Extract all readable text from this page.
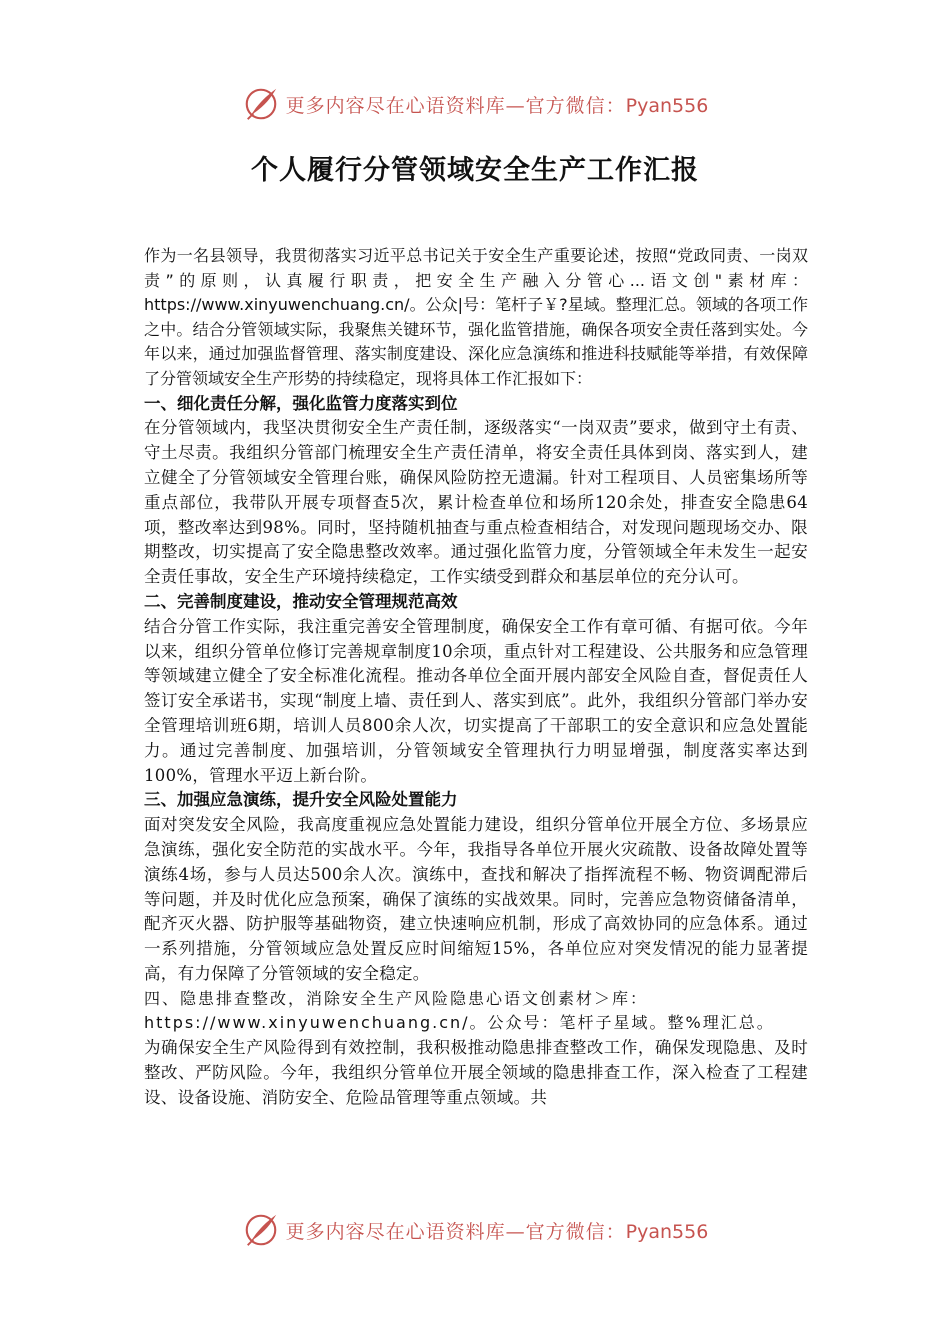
更多内容尽在心语资料库—官方微信：Pyan556
个人履行分管领域安全生产工作汇报

作为一名县领导，我贯彻落实习近平总书记关于安全生产重要论述，按照“党政同责、一岗双责”的原则，认真履行职责，把安全生产融入分管心...语文创"素材库：https://www.xinyuwenchuang.cn/。公众|号：笔杆子￥?星域。整理汇总。领域的各项工作之中。结合分管领域实际，我聚焦关键环节，强化监管措施，确保各项安全责任落到实处。今年以来，通过加强监督管理、落实制度建设、深化应急演练和推进科技赋能等举措，有效保障了分管领域安全生产形势的持续稳定，现将具体工作汇报如下：

一、细化责任分解，强化监管力度落实到位

在分管领域内，我坚决贯彻安全生产责任制，逐级落实“一岗双责”要求，做到守土有责、守土尽责。我组织分管部门梳理安全生产责任清单，将安全责任具体到岗、落实到人，建立健全了分管领域安全管理台账，确保风险防控无遗漏。针对工程项目、人员密集场所等重点部位，我带队开展专项督查5次，累计检查单位和场所120余处，排查安全隐患64项，整改率达到98%。同时，坚持随机抽查与重点检查相结合，对发现问题现场交办、限期整改，切实提高了安全隐患整改效率。通过强化监管力度，分管领域全年未发生一起安全责任事故，安全生产环境持续稳定，工作实绩受到群众和基层单位的充分认可。

二、完善制度建设，推动安全管理规范高效

结合分管工作实际，我注重完善安全管理制度，确保安全工作有章可循、有据可依。今年以来，组织分管单位修订完善规章制度10余项，重点针对工程建设、公共服务和应急管理等领域建立健全了安全标准化流程。推动各单位全面开展内部安全风险自查，督促责任人签订安全承诺书，实现“制度上墙、责任到人、落实到底”。此外，我组织分管部门举办安全管理培训班6期，培训人员800余人次，切实提高了干部职工的安全意识和应急处置能力。通过完善制度、加强培训，分管领域安全管理执行力明显增强，制度落实率达到100%，管理水平迈上新台阶。

三、加强应急演练，提升安全风险处置能力

面对突发安全风险，我高度重视应急处置能力建设，组织分管单位开展全方位、多场景应急演练，强化安全防范的实战水平。今年，我指导各单位开展火灾疏散、设备故障处置等演练4场，参与人员达500余人次。演练中，查找和解决了指挥流程不畅、物资调配滞后等问题，并及时优化应急预案，确保了演练的实战效果。同时，完善应急物资储备清单，配齐灭火器、防护服等基础物资，建立快速响应机制，形成了高效协同的应急体系。通过一系列措施，分管领域应急处置反应时间缩短15%，各单位应对突发情况的能力显著提高，有力保障了分管领域的安全稳定。

四、隐患排查整改，消除安全生产风险隐患心语文创素材＞库：https://www.xinyuwenchuang.cn/。公众号：笔杆子星域。整%理汇总。

为确保安全生产风险得到有效控制，我积极推动隐患排查整改工作，确保发现隐患、及时整改、严防风险。今年，我组织分管单位开展全领域的隐患排查工作，深入检查了工程建设、设备设施、消防安全、危险品管理等重点领域。共

更多内容尽在心语资料库—官方微信：Pyan556
